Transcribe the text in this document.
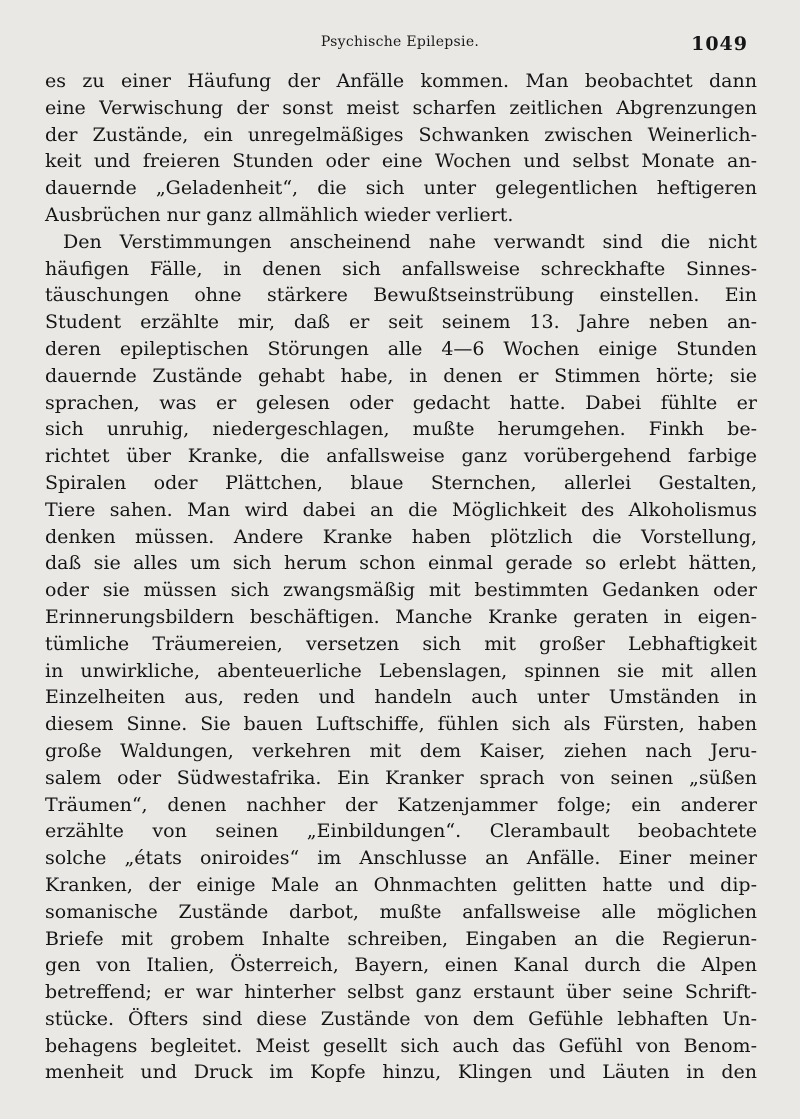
Psychische Epilepsie.	1049
es zu einer Häufung der Anfälle kommen. Man beobachtet dann
eine Verwischung der sonst meist scharfen zeitlichen Abgrenzungen
der Zustände, ein unregelmäßiges Schwanken zwischen Weinerlich-
keit und freieren Stunden oder eine Wochen und selbst Monate an-
dauernde „Geladenheit“, die sich unter gelegentlichen heftigeren
Ausbrüchen nur ganz allmählich wieder verliert.
Den Verstimmungen anscheinend nahe verwandt sind die nicht
häufigen Fälle, in denen sich anfallsweise schreckhafte Sinnes-
täuschungen ohne stärkere Bewußtseinstrübung einstellen. Ein
Student erzählte mir, daß er seit seinem 13. Jahre neben an-
deren epileptischen Störungen alle 4—6 Wochen einige Stunden
dauernde Zustände gehabt habe, in denen er Stimmen hörte; sie
sprachen, was er gelesen oder gedacht hatte. Dabei fühlte er
sich unruhig, niedergeschlagen, mußte herumgehen. Finkh be-
richtet über Kranke, die anfallsweise ganz vorübergehend farbige
Spiralen oder Plättchen, blaue Sternchen, allerlei Gestalten,
Tiere sahen. Man wird dabei an die Möglichkeit des Alkoholismus
denken müssen. Andere Kranke haben plötzlich die Vorstellung,
daß sie alles um sich herum schon einmal gerade so erlebt hätten,
oder sie müssen sich zwangsmäßig mit bestimmten Gedanken oder
Erinnerungsbildern beschäftigen. Manche Kranke geraten in eigen-
tümliche Träumereien, versetzen sich mit großer Lebhaftigkeit
in unwirkliche, abenteuerliche Lebenslagen, spinnen sie mit allen
Einzelheiten aus, reden und handeln auch unter Umständen in
diesem Sinne. Sie bauen Luftschiffe, fühlen sich als Fürsten, haben
große Waldungen, verkehren mit dem Kaiser, ziehen nach Jeru-
salem oder Südwestafrika. Ein Kranker sprach von seinen „süßen
Träumen“, denen nachher der Katzenjammer folge; ein anderer
erzählte von seinen „Einbildungen“. Clerambault beobachtete
solche „états oniroides“ im Anschlusse an Anfälle. Einer meiner
Kranken, der einige Male an Ohnmachten gelitten hatte und dip-
somanische Zustände darbot, mußte anfallsweise alle möglichen
Briefe mit grobem Inhalte schreiben, Eingaben an die Regierun-
gen von Italien, Österreich, Bayern, einen Kanal durch die Alpen
betreffend; er war hinterher selbst ganz erstaunt über seine Schrift-
stücke. Öfters sind diese Zustände von dem Gefühle lebhaften Un-
behagens begleitet. Meist gesellt sich auch das Gefühl von Benom-
menheit und Druck im Kopfe hinzu, Klingen und Läuten in den
